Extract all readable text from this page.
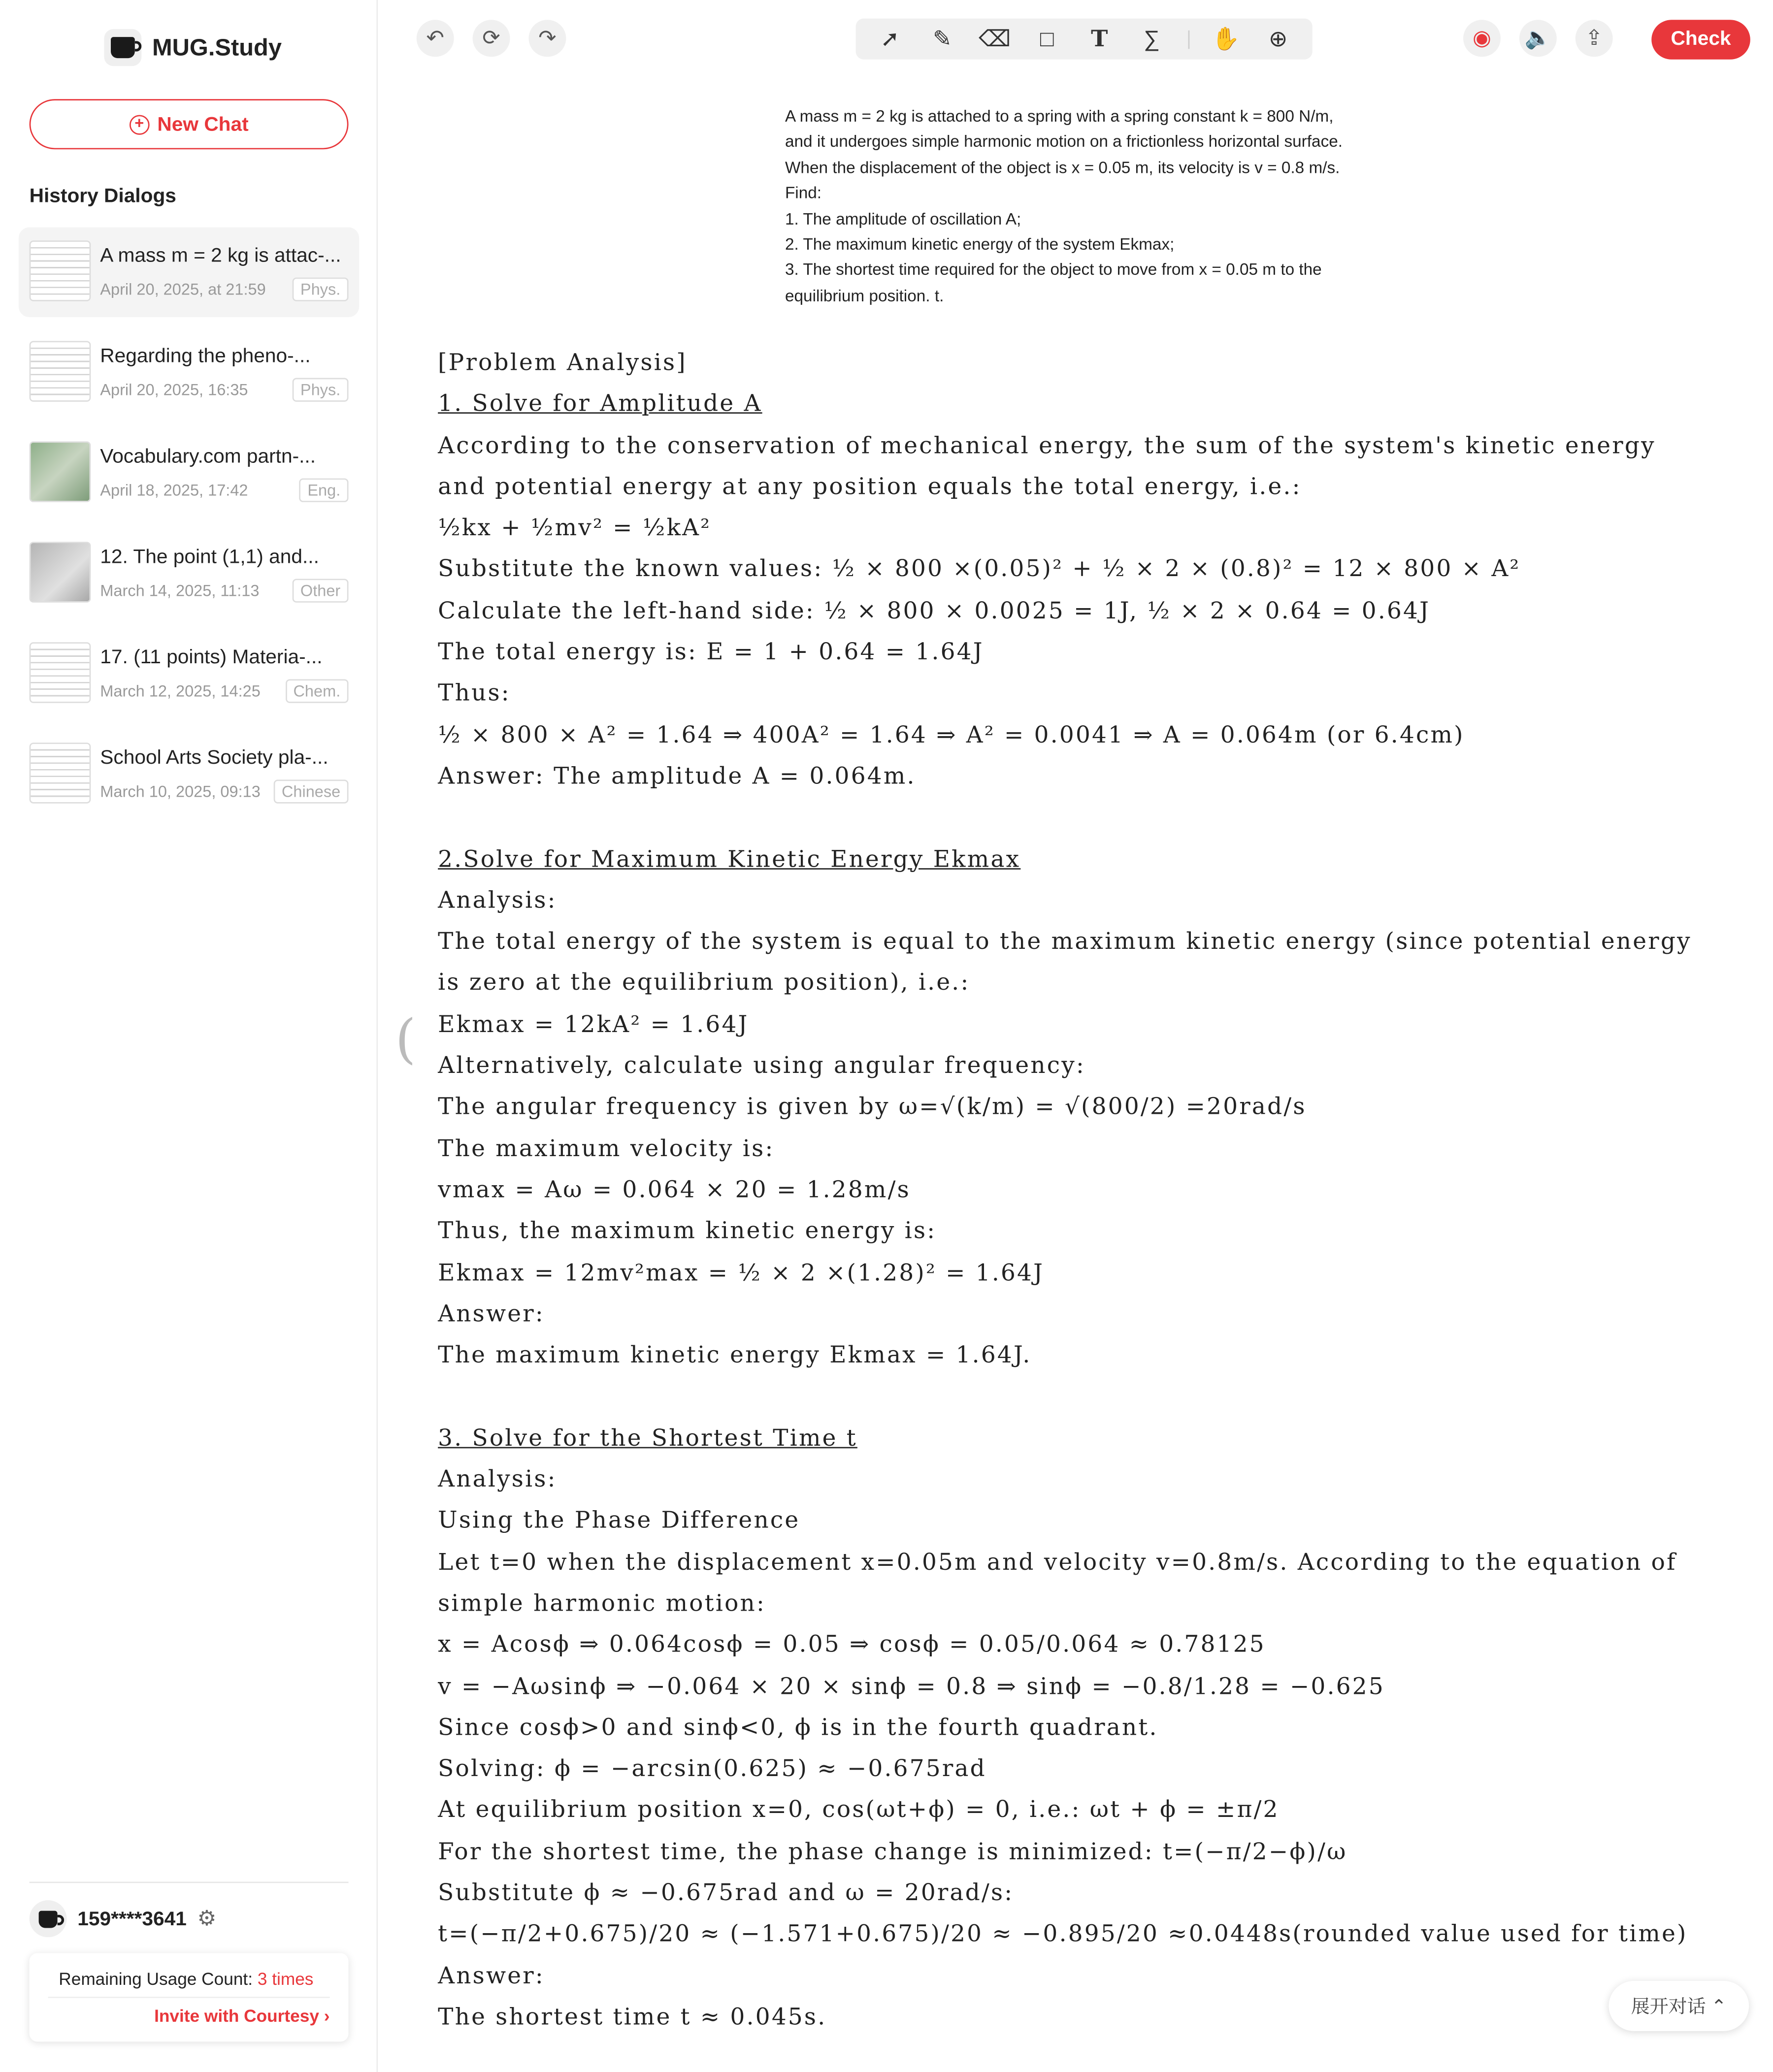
MUG.Study
+	New Chat
History Dialogs
A mass m = 2 kg is attac-...
April 20, 2025, at 21:59	Phys.
Regarding the pheno-...
April 20, 2025, 16:35	Phys.
Vocabulary.com partn-...
April 18, 2025, 17:42	Eng.
12. The point (1,1) and...
March 14, 2025, 11:13	Other
17. (11 points) Materia-...
March 12, 2025, 14:25	Chem.
School Arts Society pla-...
March 10, 2025, 09:13	Chinese
159****3641 ⚙
Remaining Usage Count: 3 times
Invite with Courtesy ›
↶	⟳	↷	➚	✎	⌫	□	T	∑	✋	⊕	◉	🔈	⇪	Check
A mass m = 2 kg is attached to a spring with a spring constant k = 800 N/m,
and it undergoes simple harmonic motion on a frictionless horizontal surface.
When the displacement of the object is x = 0.05 m, its velocity is v = 0.8 m/s.
Find:
1. The amplitude of oscillation A;
2. The maximum kinetic energy of the system Ekmax;
3. The shortest time required for the object to move from x = 0.05 m to the
equilibrium position. t.
(
[Problem Analysis]
1. Solve for Amplitude A
According to the conservation of mechanical energy, the sum of the system's kinetic energy
and potential energy at any position equals the total energy, i.e.:
½kx + ½mv² = ½kA²
Substitute the known values: ½ × 800 ×(0.05)² + ½ × 2 × (0.8)² = 12 × 800 × A²
Calculate the left-hand side: ½ × 800 × 0.0025 = 1J, ½ × 2 × 0.64 = 0.64J
The total energy is: E = 1 + 0.64 = 1.64J
Thus:
½ × 800 × A² = 1.64 ⇒ 400A² = 1.64 ⇒ A² = 0.0041 ⇒ A = 0.064m (or 6.4cm)
Answer: The amplitude A = 0.064m.
2.Solve for Maximum Kinetic Energy Ekmax
Analysis:
The total energy of the system is equal to the maximum kinetic energy (since potential energy
is zero at the equilibrium position), i.e.:
Ekmax = 12kA² = 1.64J
Alternatively, calculate using angular frequency:
The angular frequency is given by ω=√(k/m) = √(800/2) =20rad/s
The maximum velocity is:
vmax = Aω = 0.064 × 20 = 1.28m/s
Thus, the maximum kinetic energy is:
Ekmax = 12mv²max = ½ × 2 ×(1.28)² = 1.64J
Answer:
The maximum kinetic energy Ekmax = 1.64J.
3. Solve for the Shortest Time t
Analysis:
Using the Phase Difference
Let t=0 when the displacement x=0.05m and velocity v=0.8m/s. According to the equation of
simple harmonic motion:
x = Acosϕ ⇒ 0.064cosϕ = 0.05 ⇒ cosϕ = 0.05/0.064 ≈ 0.78125
v = −Aωsinϕ ⇒ −0.064 × 20 × sinϕ = 0.8 ⇒ sinϕ = −0.8/1.28 = −0.625
Since cosϕ>0 and sinϕ<0, ϕ is in the fourth quadrant.
Solving: ϕ = −arcsin(0.625) ≈ −0.675rad
At equilibrium position x=0, cos(ωt+ϕ) = 0, i.e.: ωt + ϕ = ±π/2
For the shortest time, the phase change is minimized: t=(−π/2−ϕ)/ω
Substitute ϕ ≈ −0.675rad and ω = 20rad/s:
t=(−π/2+0.675)/20 ≈ (−1.571+0.675)/20 ≈ −0.895/20 ≈0.0448s(rounded value used for time)
Answer:
The shortest time t ≈ 0.045s.	展开对话 ⌃
